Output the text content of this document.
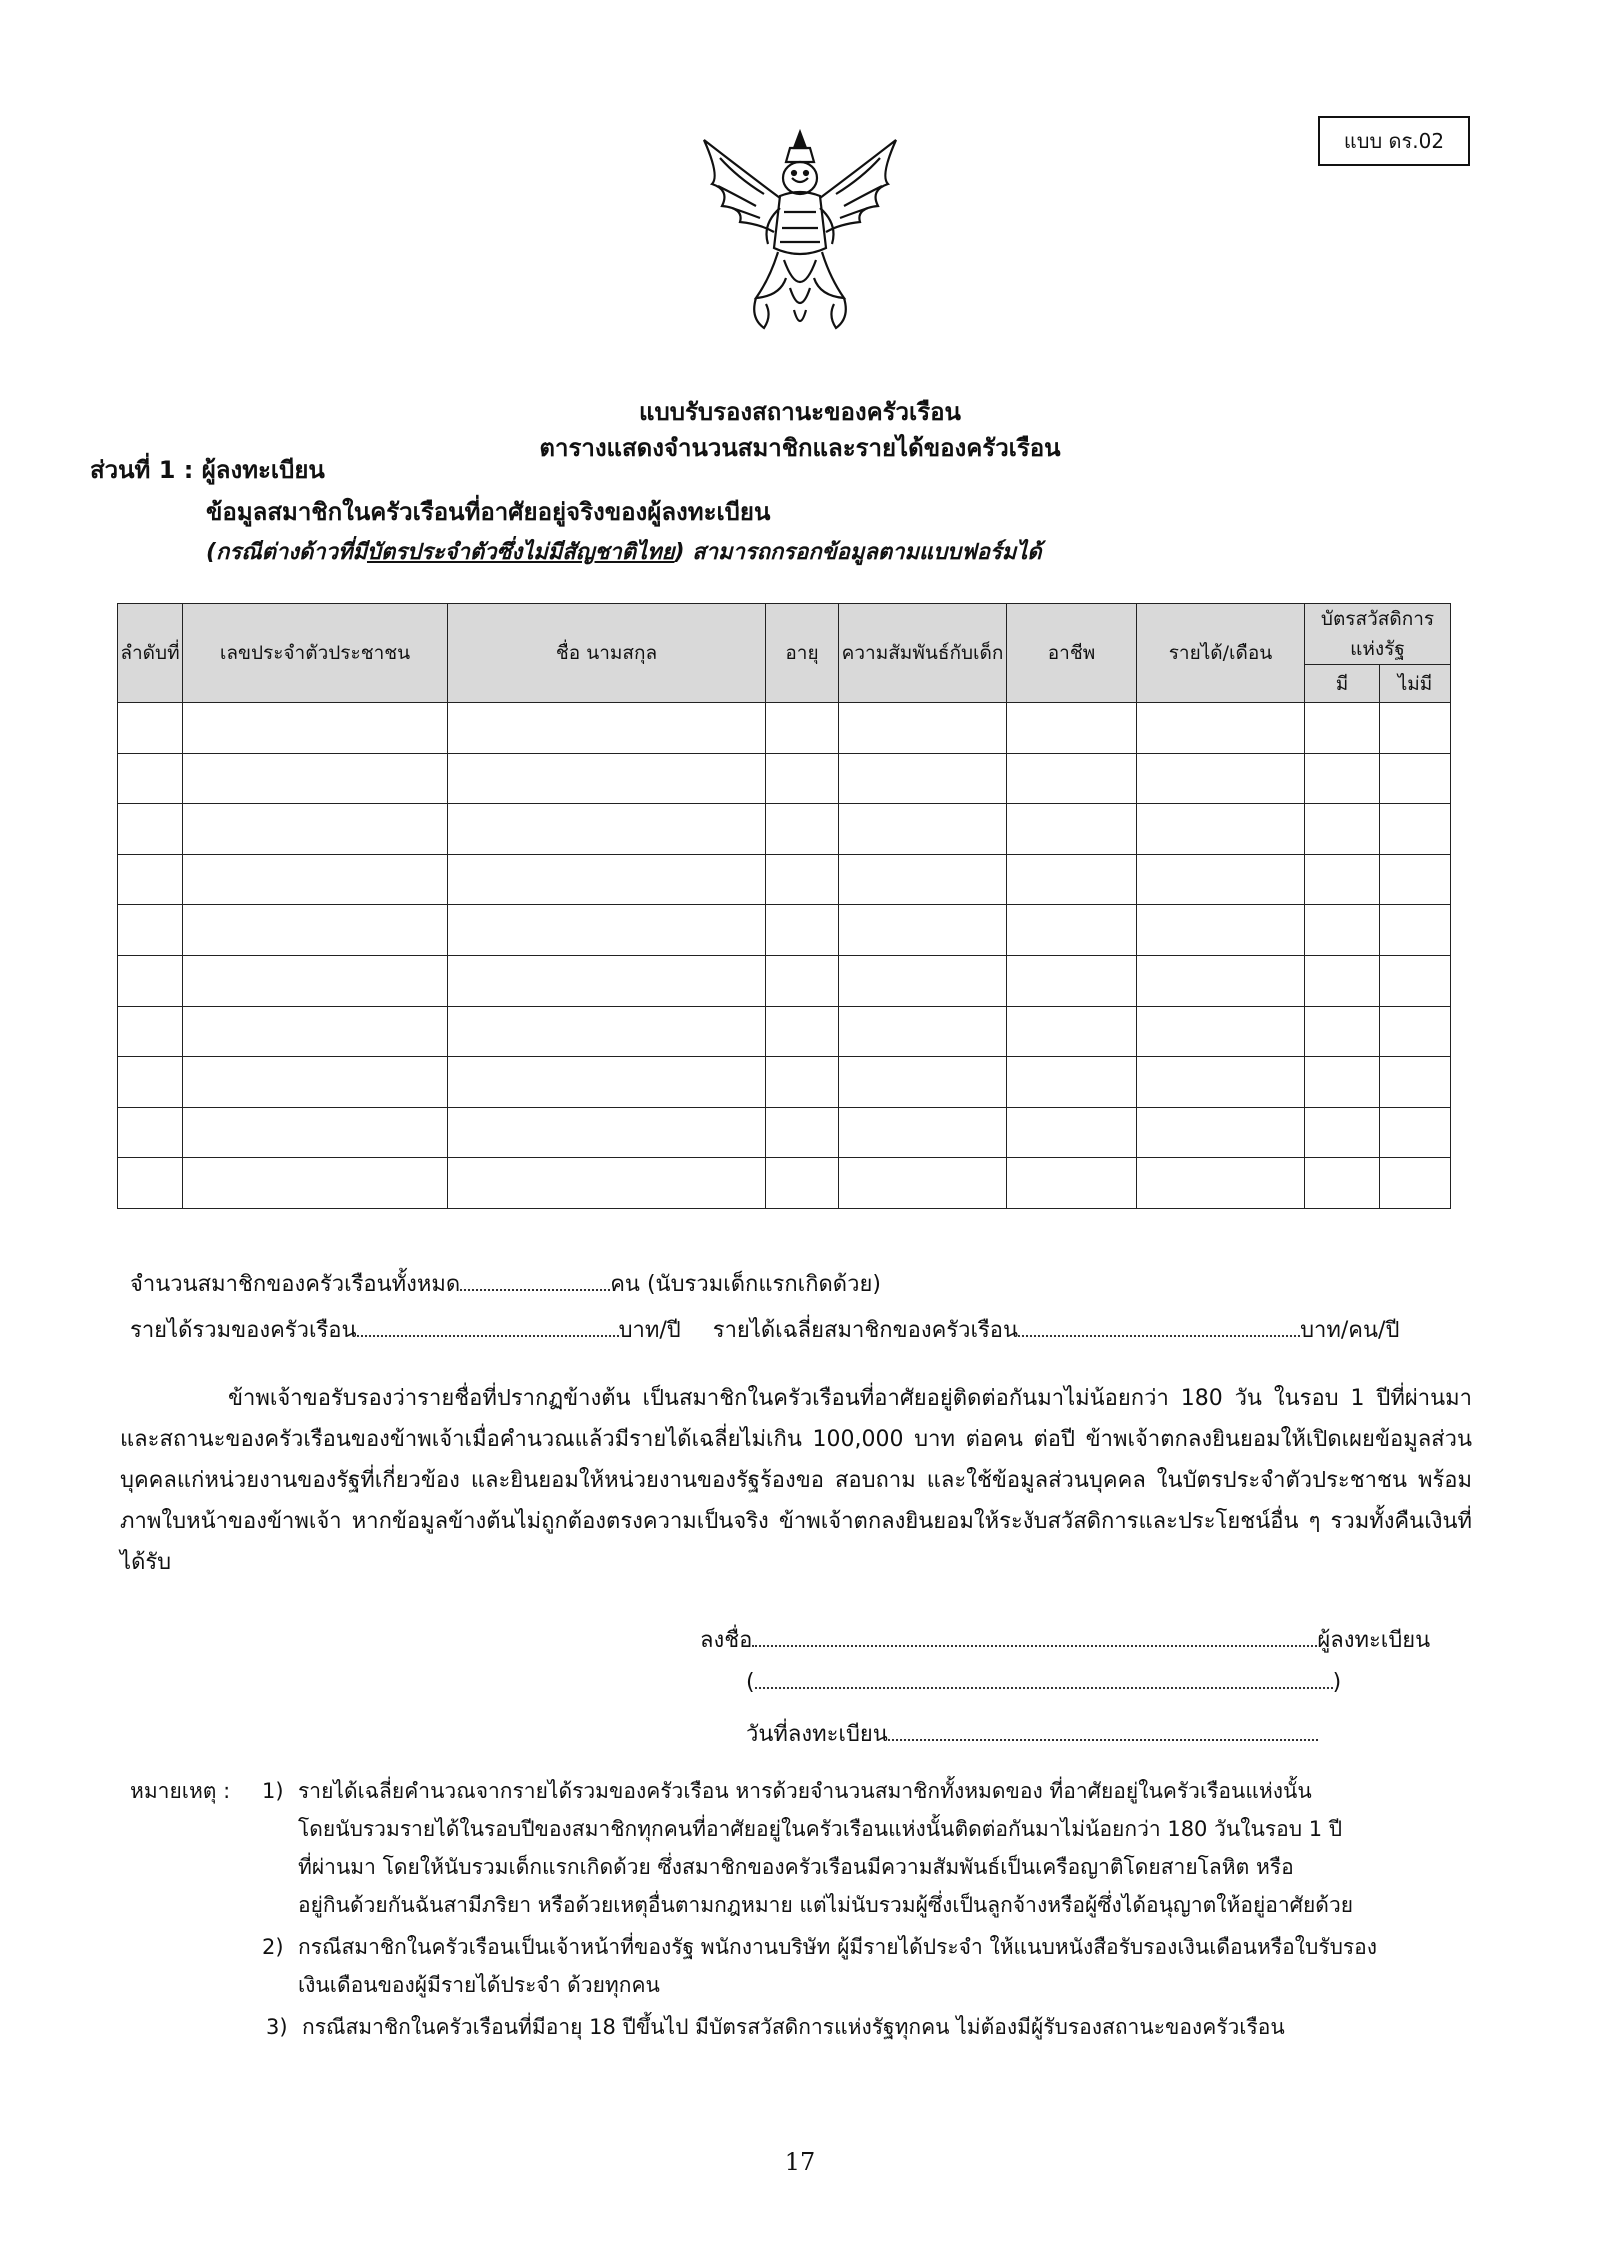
แบบ ดร.02
แบบรับรองสถานะของครัวเรือน
ตารางแสดงจำนวนสมาชิกและรายได้ของครัวเรือน
ส่วนที่ 1 : ผู้ลงทะเบียน
ข้อมูลสมาชิกในครัวเรือนที่อาศัยอยู่จริงของผู้ลงทะเบียน
(กรณีต่างด้าวที่มีบัตรประจำตัวซึ่งไม่มีสัญชาติไทย) สามารถกรอกข้อมูลตามแบบฟอร์มได้
ลำดับที่	เลขประจำตัวประชาชน	ชื่อ นามสกุล	อายุ	ความสัมพันธ์กับเด็ก	อาชีพ	รายได้/เดือน	บัตรสวัสดิการแห่งรัฐ	
							มี	ไม่มี

จำนวนสมาชิกของครัวเรือนทั้งหมด	คน (นับรวมเด็กแรกเกิดด้วย)
รายได้รวมของครัวเรือน	บาท/ปี รายได้เฉลี่ยสมาชิกของครัวเรือน	บาท/คน/ปี
ข้าพเจ้าขอรับรองว่ารายชื่อที่ปรากฏข้างต้น เป็นสมาชิกในครัวเรือนที่อาศัยอยู่ติดต่อกันมาไม่น้อยกว่า 180 วัน ในรอบ 1 ปีที่ผ่านมา และสถานะของครัวเรือนของข้าพเจ้าเมื่อคำนวณแล้วมีรายได้เฉลี่ยไม่เกิน 100,000 บาท ต่อคน ต่อปี ข้าพเจ้าตกลงยินยอมให้เปิดเผยข้อมูลส่วนบุคคลแก่หน่วยงานของรัฐที่เกี่ยวข้อง และยินยอมให้หน่วยงานของรัฐร้องขอ สอบถาม และใช้ข้อมูลส่วนบุคคล ในบัตรประจำตัวประชาชน พร้อมภาพใบหน้าของข้าพเจ้า หากข้อมูลข้างต้นไม่ถูกต้องตรงความเป็นจริง ข้าพเจ้าตกลงยินยอมให้ระงับสวัสดิการและประโยชน์อื่น ๆ รวมทั้งคืนเงินที่ได้รับ
ลงชื่อ	ผู้ลงทะเบียน
(	)
วันที่ลงทะเบียน
หมายเหตุ : 1) รายได้เฉลี่ยคำนวณจากรายได้รวมของครัวเรือน หารด้วยจำนวนสมาชิกทั้งหมดของ ที่อาศัยอยู่ในครัวเรือนแห่งนั้น
โดยนับรวมรายได้ในรอบปีของสมาชิกทุกคนที่อาศัยอยู่ในครัวเรือนแห่งนั้นติดต่อกันมาไม่น้อยกว่า 180 วันในรอบ 1 ปี
ที่ผ่านมา โดยให้นับรวมเด็กแรกเกิดด้วย ซึ่งสมาชิกของครัวเรือนมีความสัมพันธ์เป็นเครือญาติโดยสายโลหิต หรือ
อยู่กินด้วยกันฉันสามีภริยา หรือด้วยเหตุอื่นตามกฎหมาย แต่ไม่นับรวมผู้ซึ่งเป็นลูกจ้างหรือผู้ซึ่งได้อนุญาตให้อยู่อาศัยด้วย
2) กรณีสมาชิกในครัวเรือนเป็นเจ้าหน้าที่ของรัฐ พนักงานบริษัท ผู้มีรายได้ประจำ ให้แนบหนังสือรับรองเงินเดือนหรือใบรับรอง
เงินเดือนของผู้มีรายได้ประจำ ด้วยทุกคน
3) กรณีสมาชิกในครัวเรือนที่มีอายุ 18 ปีขึ้นไป มีบัตรสวัสดิการแห่งรัฐทุกคน ไม่ต้องมีผู้รับรองสถานะของครัวเรือน
17
